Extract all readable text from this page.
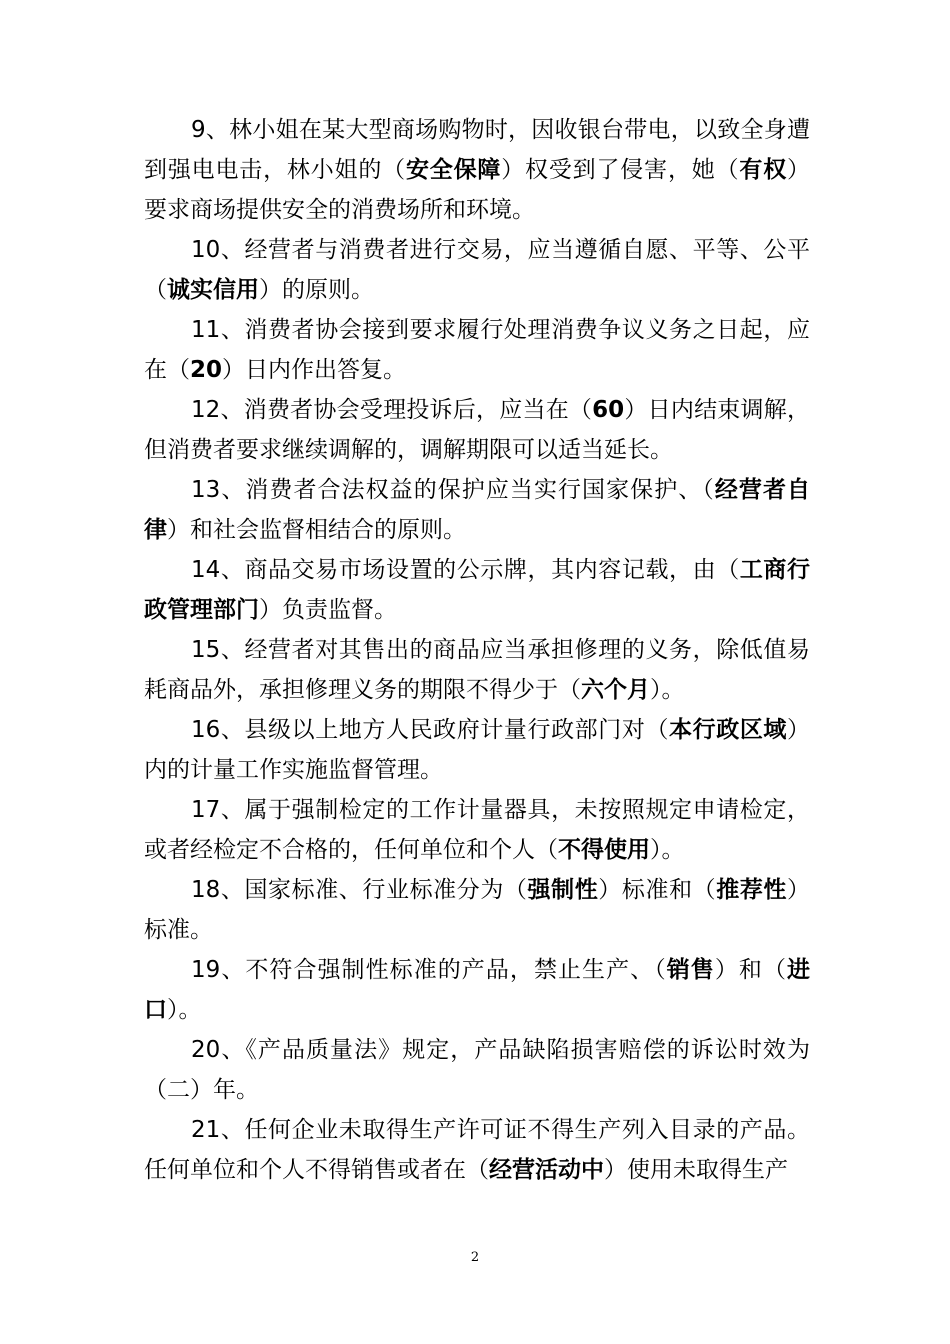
9、林小姐在某大型商场购物时，因收银台带电，以致全身遭到强电电击，林小姐的（安全保障）权受到了侵害，她（有权）要求商场提供安全的消费场所和环境。

10、经营者与消费者进行交易，应当遵循自愿、平等、公平（诚实信用）的原则。

11、消费者协会接到要求履行处理消费争议义务之日起，应在（20）日内作出答复。

12、消费者协会受理投诉后，应当在（60）日内结束调解，但消费者要求继续调解的，调解期限可以适当延长。

13、消费者合法权益的保护应当实行国家保护、（经营者自律）和社会监督相结合的原则。

14、商品交易市场设置的公示牌，其内容记载，由（工商行政管理部门）负责监督。

15、经营者对其售出的商品应当承担修理的义务，除低值易耗商品外，承担修理义务的期限不得少于（六个月）。

16、县级以上地方人民政府计量行政部门对（本行政区域）内的计量工作实施监督管理。

17、属于强制检定的工作计量器具，未按照规定申请检定，或者经检定不合格的，任何单位和个人（不得使用）。

18、国家标准、行业标准分为（强制性）标准和（推荐性）标准。

19、不符合强制性标准的产品，禁止生产、（销售）和（进口）。

20、《产品质量法》规定，产品缺陷损害赔偿的诉讼时效为（二）年。

21、任何企业未取得生产许可证不得生产列入目录的产品。任何单位和个人不得销售或者在（经营活动中）使用未取得生产

2
